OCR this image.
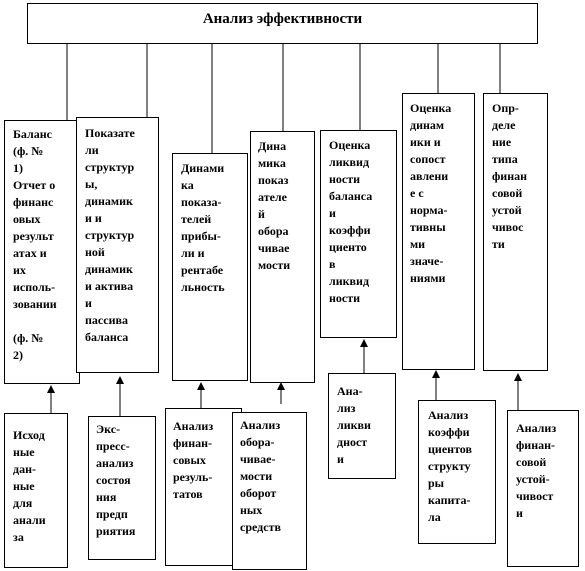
Анализ эффективности

Баланс
(ф. №
1)
Отчет о
финанс
овых
результ
атах и
их
исполь-
зовании

(ф. №
2)

Показате
ли
структур
ы,
динамик
и и
структур
ной
динамик
и актива
и
пассива
баланса

Динами
ка
показа-
телей
прибы-
ли и
рентабе
льность

Дина
мика
показ
ателе
й
обора
чивае
мости

Оценка
ликвид
ности
баланса
и
коэффи
циенто
в
ликвид
ности

Оценка
динам
ики и
сопост
авлени
е с
норма-
тивны
ми
значе-
ниями

Опр-
деле
ние
типа
финан
совой
устой
чивос
ти

Исход
ные
дан-
ные
для
анали
за

Экс-
пресс-
анализ
состоя
ния
предп
риятия

Анализ
финан-
совых
резуль-
татов

Анализ
обора-
чивае-
мости
оборот
ных
средств

Ана-
лиз
ликви
дност
и

Анализ
коэффи
циентов
структу
ры
капита-
ла

Анализ
финан-
совой
устой-
чивост
и
